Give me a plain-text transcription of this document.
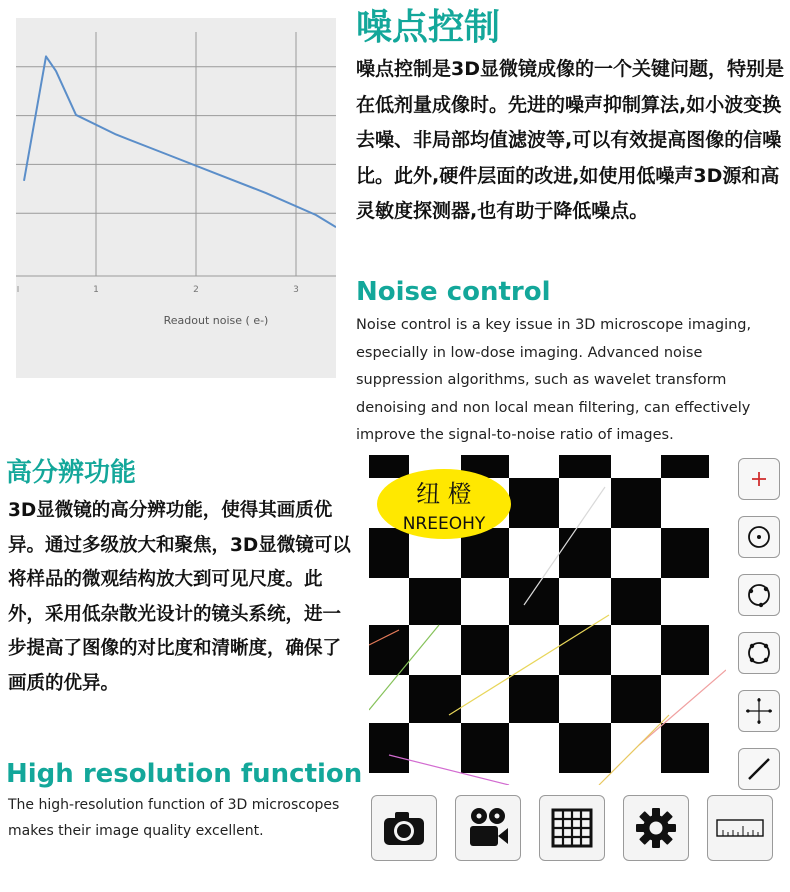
1	2	3
Readout noise ( e-)
噪点控制
噪点控制是3D显微镜成像的一个关键问题，特别是在低剂量成像时。先进的噪声抑制算法,如小波变换去噪、非局部均值滤波等,可以有效提高图像的信噪比。此外,硬件层面的改进,如使用低噪声3D源和高灵敏度探测器,也有助于降低噪点。
Noise control
Noise control is a key issue in 3D microscope imaging, especially in low-dose imaging. Advanced noise suppression algorithms, such as wavelet transform denoising and non local mean filtering, can effectively improve the signal-to-noise ratio of images.
高分辨功能
3D显微镜的高分辨功能，使得其画质优异。通过多级放大和聚焦，3D显微镜可以将样品的微观结构放大到可见尺度。此外，采用低杂散光设计的镜头系统，进一步提高了图像的对比度和清晰度，确保了画质的优异。
High resolution function
The high-resolution function of 3D microscopes makes their image quality excellent.
纽 橙
NREEOHY
